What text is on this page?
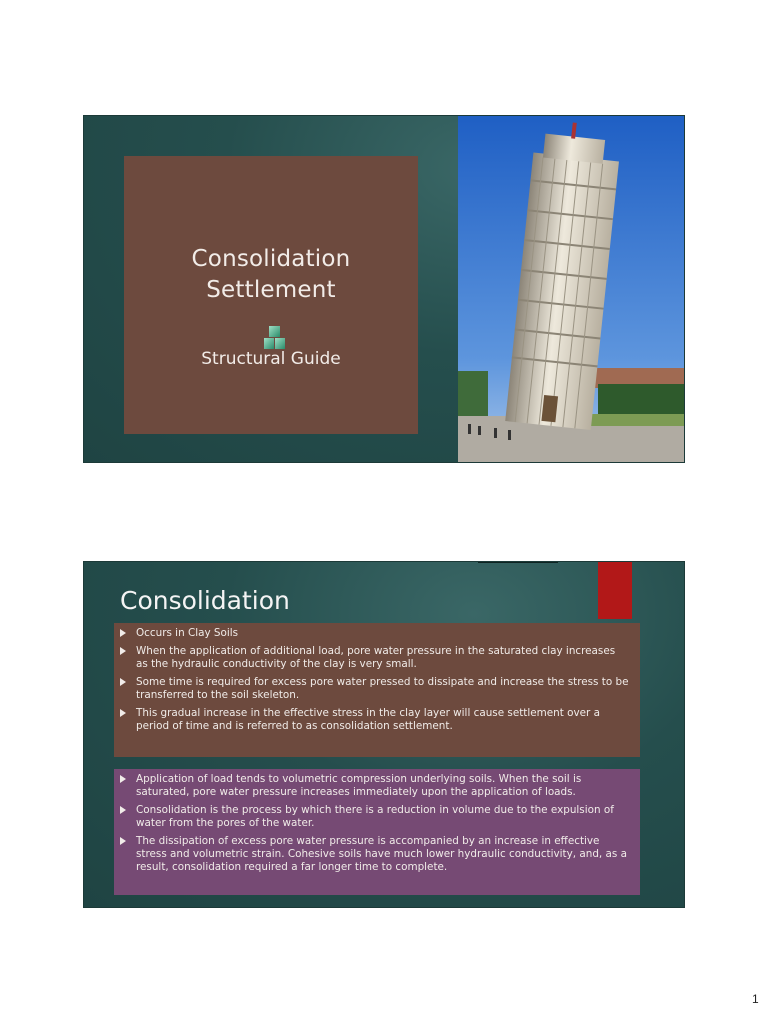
Consolidation
Settlement
Structural Guide
Consolidation
Occurs in Clay Soils
When the application of additional load, pore water pressure in the saturated clay increases as the hydraulic conductivity of the clay is very small.
Some time is required for excess pore water pressed to dissipate and increase the stress to be transferred to the soil skeleton.
This gradual increase in the effective stress in the clay layer will cause settlement over a period of time and is referred to as consolidation settlement.
Application of load tends to volumetric compression underlying soils. When the soil is saturated, pore water pressure increases immediately upon the application of loads.
Consolidation is the process by which there is a reduction in volume due to the expulsion of water from the pores of the water.
The dissipation of excess pore water pressure is accompanied by an increase in effective stress and volumetric strain. Cohesive soils have much lower hydraulic conductivity, and, as a result, consolidation required a far longer time to complete.
1
